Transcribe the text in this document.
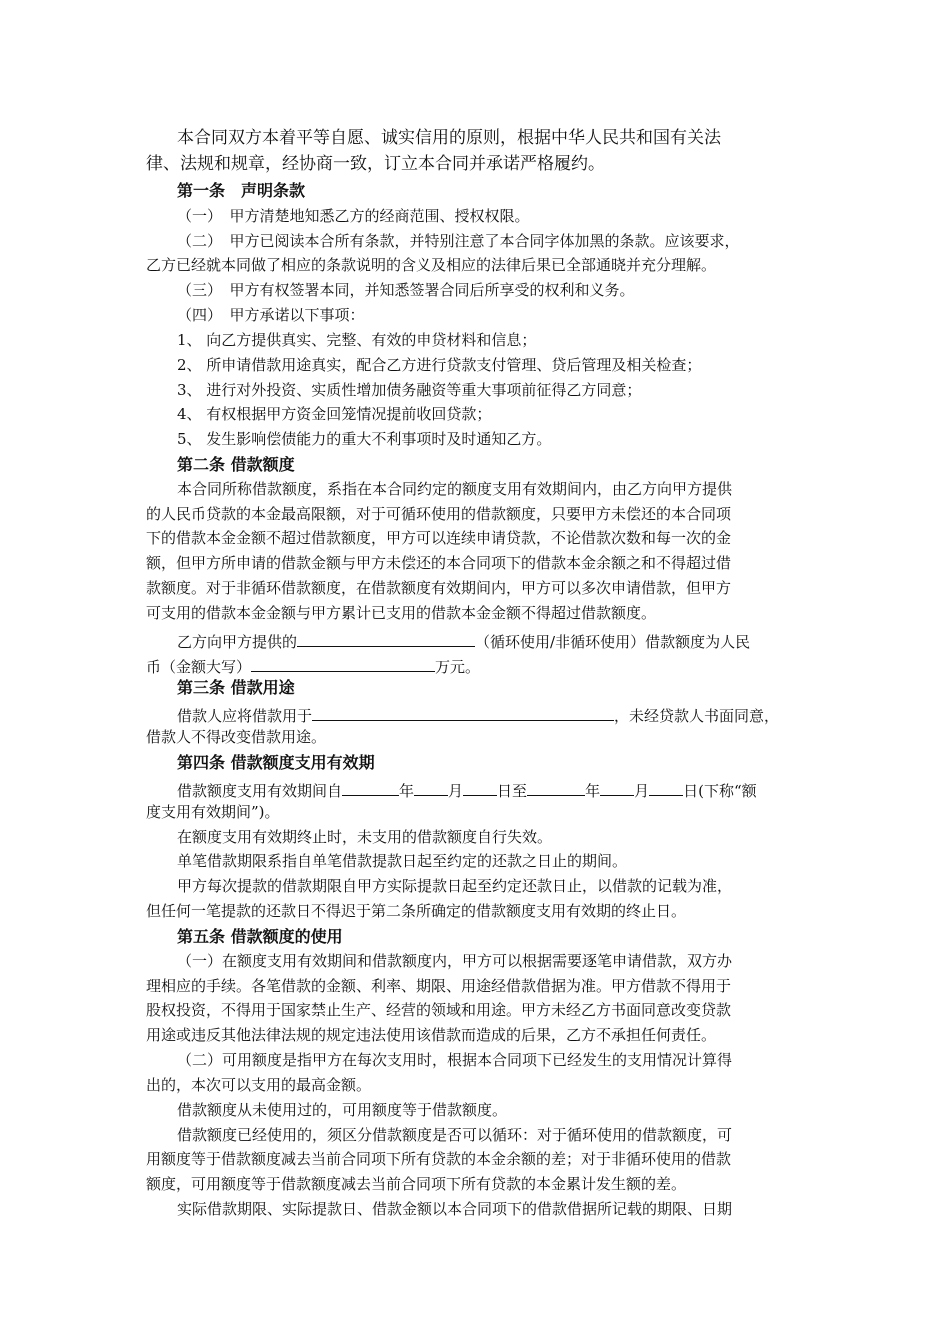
本合同双方本着平等自愿、诚实信用的原则，根据中华人民共和国有关法
律、法规和规章，经协商一致，订立本合同并承诺严格履约。
第一条　声明条款
（一）　甲方清楚地知悉乙方的经商范围、授权权限。
（二）　甲方已阅读本合所有条款，并特别注意了本合同字体加黑的条款。应该要求，
乙方已经就本同做了相应的条款说明的含义及相应的法律后果已全部通晓并充分理解。
（三）　甲方有权签署本同，并知悉签署合同后所享受的权利和义务。
（四）　甲方承诺以下事项：
1、 向乙方提供真实、完整、有效的申贷材料和信息；
2、 所申请借款用途真实，配合乙方进行贷款支付管理、贷后管理及相关检查；
3、 进行对外投资、实质性增加债务融资等重大事项前征得乙方同意；
4、 有权根据甲方资金回笼情况提前收回贷款；
5、 发生影响偿债能力的重大不利事项时及时通知乙方。
第二条 借款额度
本合同所称借款额度，系指在本合同约定的额度支用有效期间内，由乙方向甲方提供
的人民币贷款的本金最高限额，对于可循环使用的借款额度，只要甲方未偿还的本合同项
下的借款本金金额不超过借款额度，甲方可以连续申请贷款，不论借款次数和每一次的金
额，但甲方所申请的借款金额与甲方未偿还的本合同项下的借款本金余额之和不得超过借
款额度。对于非循环借款额度，在借款额度有效期间内，甲方可以多次申请借款，但甲方
可支用的借款本金金额与甲方累计已支用的借款本金金额不得超过借款额度。
乙方向甲方提供的	（循环使用/非循环使用）借款额度为人民
币（金额大写）	万元。
第三条 借款用途
借款人应将借款用于	，未经贷款人书面同意，
借款人不得改变借款用途。
第四条 借款额度支用有效期
借款额度支用有效期间自	年 月 日至	年 月 日(下称“额
度支用有效期间”)。
在额度支用有效期终止时，未支用的借款额度自行失效。
单笔借款期限系指自单笔借款提款日起至约定的还款之日止的期间。
甲方每次提款的借款期限自甲方实际提款日起至约定还款日止，以借款的记载为准，
但任何一笔提款的还款日不得迟于第二条所确定的借款额度支用有效期的终止日。
第五条 借款额度的使用
（一）在额度支用有效期间和借款额度内，甲方可以根据需要逐笔申请借款，双方办
理相应的手续。各笔借款的金额、利率、期限、用途经借款借据为准。甲方借款不得用于
股权投资，不得用于国家禁止生产、经营的领域和用途。甲方未经乙方书面同意改变贷款
用途或违反其他法律法规的规定违法使用该借款而造成的后果，乙方不承担任何责任。
（二）可用额度是指甲方在每次支用时，根据本合同项下已经发生的支用情况计算得
出的，本次可以支用的最高金额。
借款额度从未使用过的，可用额度等于借款额度。
借款额度已经使用的，须区分借款额度是否可以循环：对于循环使用的借款额度，可
用额度等于借款额度减去当前合同项下所有贷款的本金余额的差；对于非循环使用的借款
额度，可用额度等于借款额度减去当前合同项下所有贷款的本金累计发生额的差。
实际借款期限、实际提款日、借款金额以本合同项下的借款借据所记载的期限、日期
